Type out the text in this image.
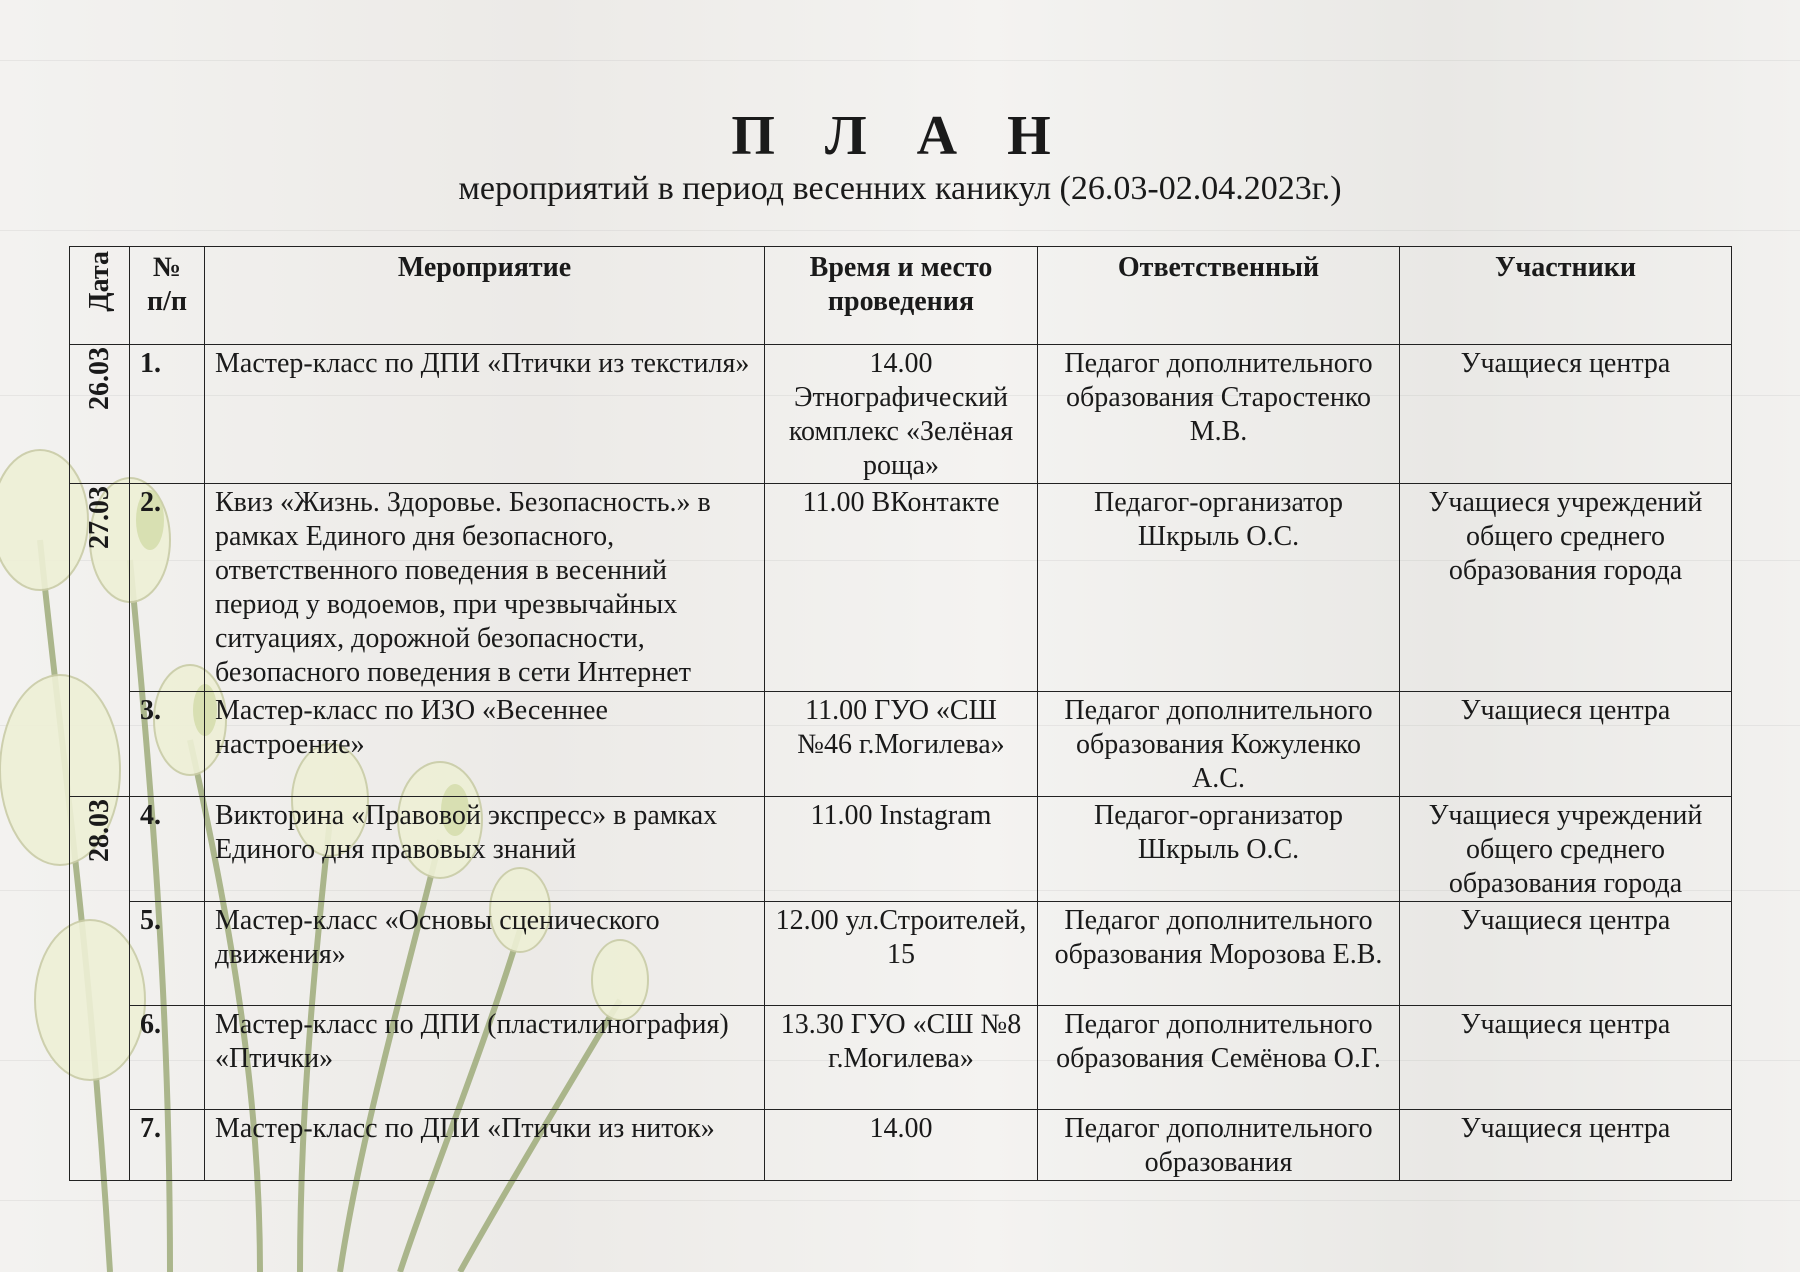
П Л А Н
мероприятий в период весенних каникул (26.03-02.04.2023г.)
Дата	№ п/п	Мероприятие	Время и место проведения	Ответственный	Участники
26.03	1.	Мастер-класс по ДПИ «Птички из текстиля»	14.00 Этнографический комплекс «Зелёная роща»	Педагог дополнительного образования Старостенко М.В.	Учащиеся центра
27.03	2.	Квиз «Жизнь. Здоровье. Безопасность.» в рамках Единого дня безопасного, ответственного поведения в весенний период у водоемов, при чрезвычайных ситуациях, дорожной безопасности, безопасного поведения в сети Интернет	11.00 ВКонтакте	Педагог-организатор Шкрыль О.С.	Учащиеся учреждений общего среднего образования города
	3.	Мастер-класс по ИЗО «Весеннее настроение»	11.00 ГУО «СШ №46 г.Могилева»	Педагог дополнительного образования Кожуленко А.С.	Учащиеся центра
28.03	4.	Викторина «Правовой экспресс» в рамках Единого дня правовых знаний	11.00 Instagram	Педагог-организатор Шкрыль О.С.	Учащиеся учреждений общего среднего образования города
	5.	Мастер-класс «Основы сценического движения»	12.00 ул.Строителей, 15	Педагог дополнительного образования Морозова Е.В.	Учащиеся центра
	6.	Мастер-класс по ДПИ (пластилинография) «Птички»	13.30 ГУО «СШ №8 г.Могилева»	Педагог дополнительного образования Семёнова О.Г.	Учащиеся центра
	7.	Мастер-класс по ДПИ «Птички из ниток»	14.00	Педагог дополнительного образования	Учащиеся центра
